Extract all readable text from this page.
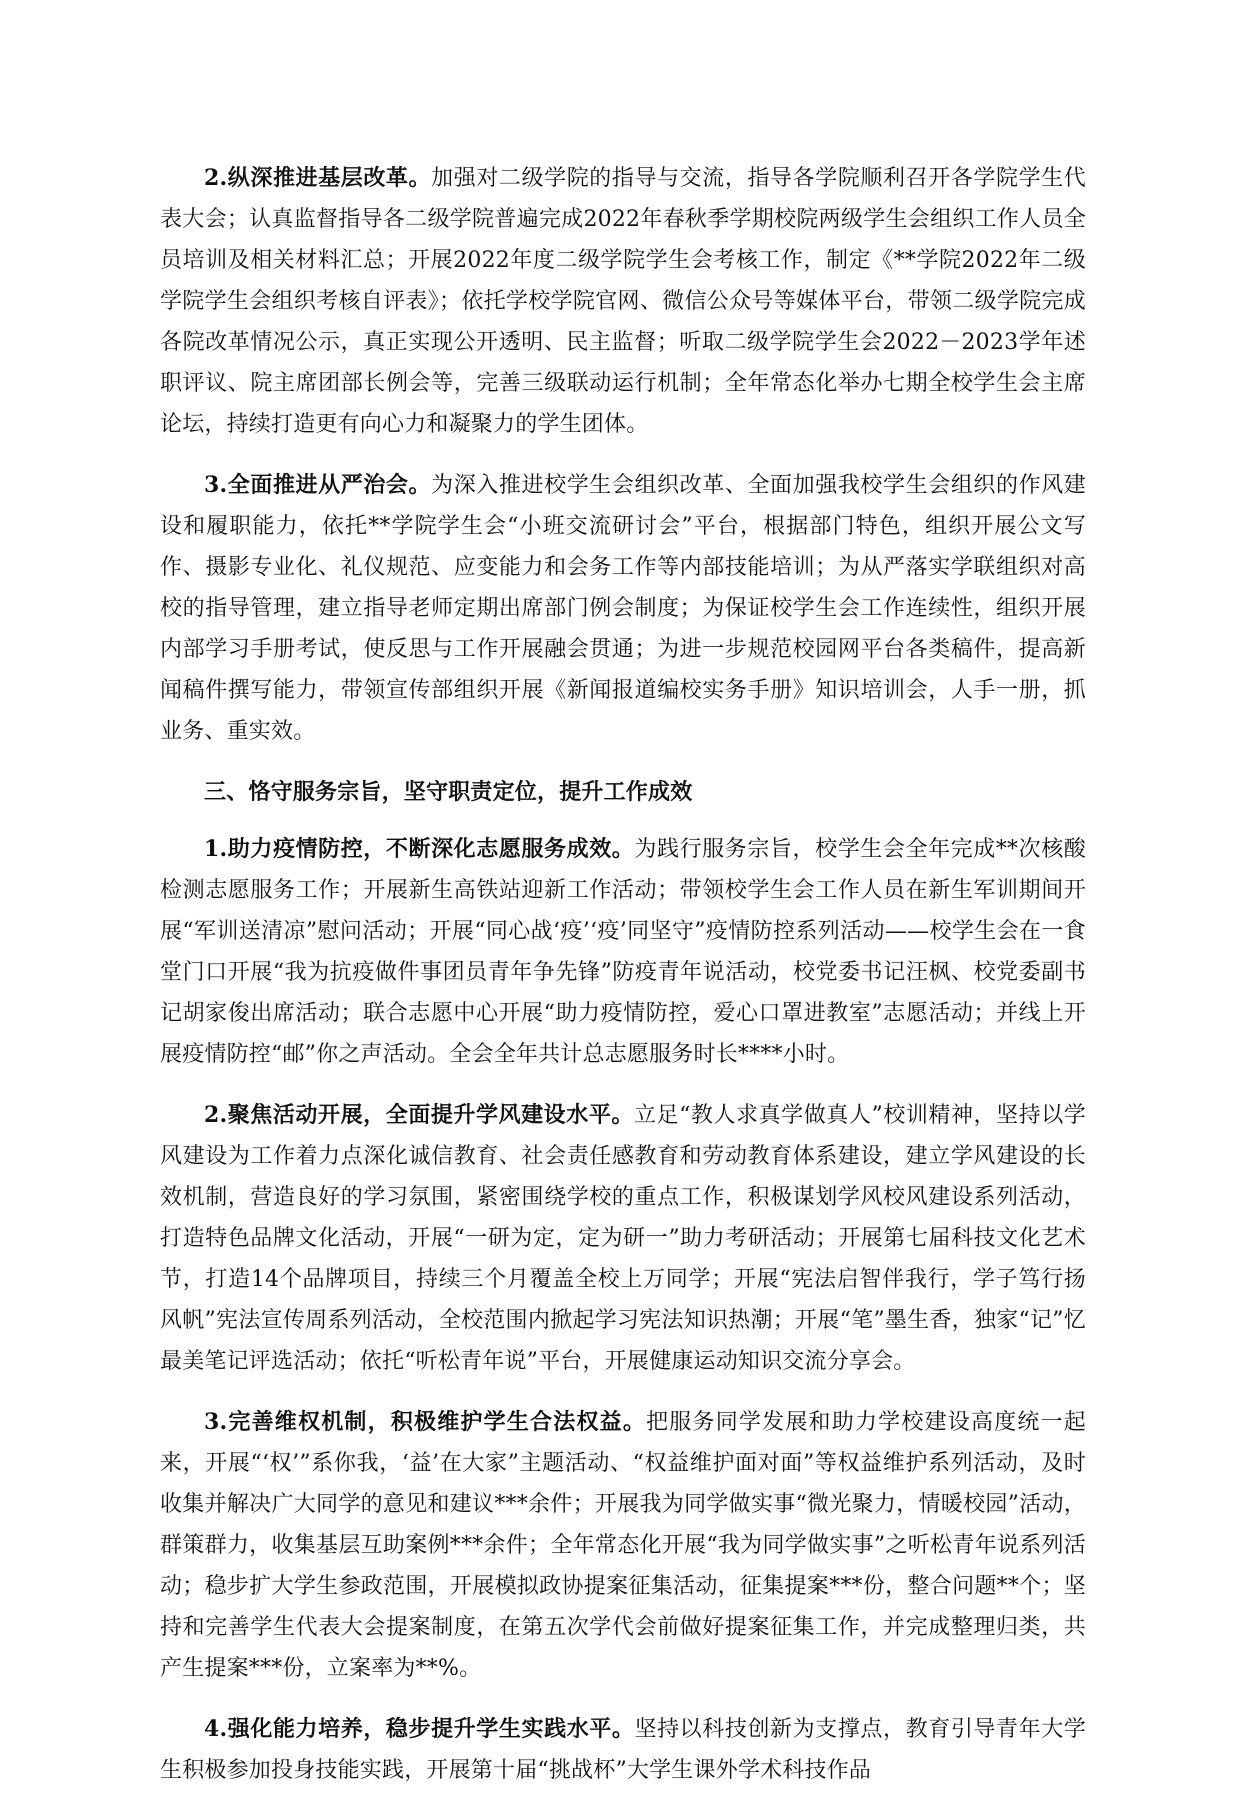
2.纵深推进基层改革。加强对二级学院的指导与交流，指导各学院顺利召开各学院学生代表大会；认真监督指导各二级学院普遍完成2022年春秋季学期校院两级学生会组织工作人员全员培训及相关材料汇总；开展2022年度二级学院学生会考核工作，制定《**学院2022年二级学院学生会组织考核自评表》；依托学校学院官网、微信公众号等媒体平台，带领二级学院完成各院改革情况公示，真正实现公开透明、民主监督；听取二级学院学生会2022－2023学年述职评议、院主席团部长例会等，完善三级联动运行机制；全年常态化举办七期全校学生会主席论坛，持续打造更有向心力和凝聚力的学生团体。

3.全面推进从严治会。为深入推进校学生会组织改革、全面加强我校学生会组织的作风建设和履职能力，依托**学院学生会“小班交流研讨会”平台，根据部门特色，组织开展公文写作、摄影专业化、礼仪规范、应变能力和会务工作等内部技能培训；为从严落实学联组织对高校的指导管理，建立指导老师定期出席部门例会制度；为保证校学生会工作连续性，组织开展内部学习手册考试，使反思与工作开展融会贯通；为进一步规范校园网平台各类稿件，提高新闻稿件撰写能力，带领宣传部组织开展《新闻报道编校实务手册》知识培训会，人手一册，抓业务、重实效。

三、恪守服务宗旨，坚守职责定位，提升工作成效

1.助力疫情防控，不断深化志愿服务成效。为践行服务宗旨，校学生会全年完成**次核酸检测志愿服务工作；开展新生高铁站迎新工作活动；带领校学生会工作人员在新生军训期间开展“军训送清凉”慰问活动；开展“同心战‘疫’‘疫’同坚守”疫情防控系列活动——校学生会在一食堂门口开展“我为抗疫做件事团员青年争先锋”防疫青年说活动，校党委书记汪枫、校党委副书记胡家俊出席活动；联合志愿中心开展“助力疫情防控，爱心口罩进教室”志愿活动；并线上开展疫情防控“邮”你之声活动。全会全年共计总志愿服务时长****小时。

2.聚焦活动开展，全面提升学风建设水平。立足“教人求真学做真人”校训精神，坚持以学风建设为工作着力点深化诚信教育、社会责任感教育和劳动教育体系建设，建立学风建设的长效机制，营造良好的学习氛围，紧密围绕学校的重点工作，积极谋划学风校风建设系列活动，打造特色品牌文化活动，开展“一研为定，定为研一”助力考研活动；开展第七届科技文化艺术节，打造14个品牌项目，持续三个月覆盖全校上万同学；开展“宪法启智伴我行，学子笃行扬风帆”宪法宣传周系列活动，全校范围内掀起学习宪法知识热潮；开展“笔”墨生香，独家“记”忆最美笔记评选活动；依托“听松青年说”平台，开展健康运动知识交流分享会。

3.完善维权机制，积极维护学生合法权益。把服务同学发展和助力学校建设高度统一起来，开展“‘权’”系你我，‘益’在大家”主题活动、“权益维护面对面”等权益维护系列活动，及时收集并解决广大同学的意见和建议***余件；开展我为同学做实事“微光聚力，情暖校园”活动，群策群力，收集基层互助案例***余件；全年常态化开展“我为同学做实事”之听松青年说系列活动；稳步扩大学生参政范围，开展模拟政协提案征集活动，征集提案***份，整合问题**个；坚持和完善学生代表大会提案制度，在第五次学代会前做好提案征集工作，并完成整理归类，共产生提案***份，立案率为**%。

4.强化能力培养，稳步提升学生实践水平。坚持以科技创新为支撑点，教育引导青年大学生积极参加投身技能实践，开展第十届“挑战杯”大学生课外学术科技作品
